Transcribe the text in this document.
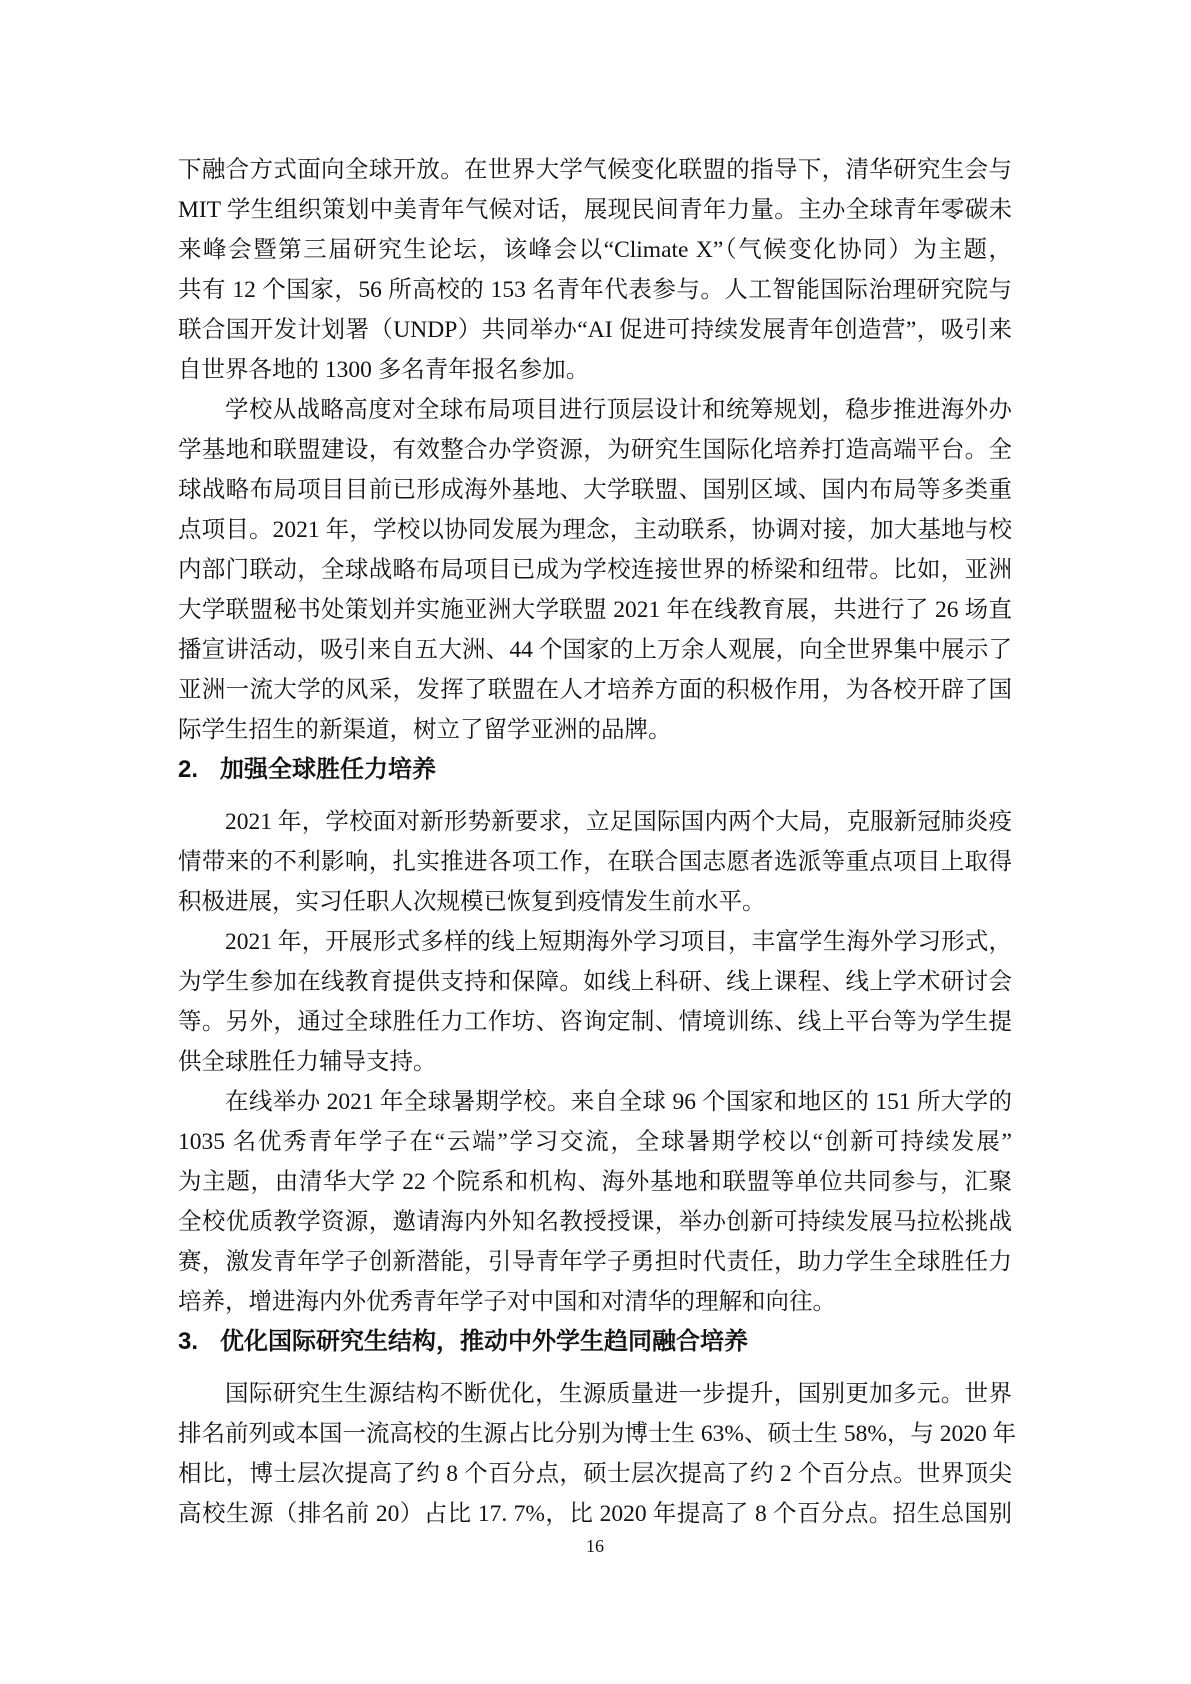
下融合方式面向全球开放。在世界大学气候变化联盟的指导下，清华研究生会与
MIT 学生组织策划中美青年气候对话，展现民间青年力量。主办全球青年零碳未
来峰会暨第三届研究生论坛，该峰会以“Climate X”（气候变化协同）为主题，
共有 12 个国家，56 所高校的 153 名青年代表参与。人工智能国际治理研究院与
联合国开发计划署（UNDP）共同举办“AI 促进可持续发展青年创造营”，吸引来
自世界各地的 1300 多名青年报名参加。
学校从战略高度对全球布局项目进行顶层设计和统筹规划，稳步推进海外办
学基地和联盟建设，有效整合办学资源，为研究生国际化培养打造高端平台。全
球战略布局项目目前已形成海外基地、大学联盟、国别区域、国内布局等多类重
点项目。2021 年，学校以协同发展为理念，主动联系，协调对接，加大基地与校
内部门联动，全球战略布局项目已成为学校连接世界的桥梁和纽带。比如，亚洲
大学联盟秘书处策划并实施亚洲大学联盟 2021 年在线教育展，共进行了 26 场直
播宣讲活动，吸引来自五大洲、44 个国家的上万余人观展，向全世界集中展示了
亚洲一流大学的风采，发挥了联盟在人才培养方面的积极作用，为各校开辟了国
际学生招生的新渠道，树立了留学亚洲的品牌。
2. 加强全球胜任力培养
2021 年，学校面对新形势新要求，立足国际国内两个大局，克服新冠肺炎疫
情带来的不利影响，扎实推进各项工作，在联合国志愿者选派等重点项目上取得
积极进展，实习任职人次规模已恢复到疫情发生前水平。
2021 年，开展形式多样的线上短期海外学习项目，丰富学生海外学习形式，
为学生参加在线教育提供支持和保障。如线上科研、线上课程、线上学术研讨会
等。另外，通过全球胜任力工作坊、咨询定制、情境训练、线上平台等为学生提
供全球胜任力辅导支持。
在线举办 2021 年全球暑期学校。来自全球 96 个国家和地区的 151 所大学的
1035 名优秀青年学子在“云端”学习交流，全球暑期学校以“创新可持续发展”
为主题，由清华大学 22 个院系和机构、海外基地和联盟等单位共同参与，汇聚
全校优质教学资源，邀请海内外知名教授授课，举办创新可持续发展马拉松挑战
赛，激发青年学子创新潜能，引导青年学子勇担时代责任，助力学生全球胜任力
培养，增进海内外优秀青年学子对中国和对清华的理解和向往。
3. 优化国际研究生结构，推动中外学生趋同融合培养
国际研究生生源结构不断优化，生源质量进一步提升，国别更加多元。世界
排名前列或本国一流高校的生源占比分别为博士生 63%、硕士生 58%，与 2020 年
相比，博士层次提高了约 8 个百分点，硕士层次提高了约 2 个百分点。世界顶尖
高校生源（排名前 20）占比 17. 7%，比 2020 年提高了 8 个百分点。招生总国别
16
